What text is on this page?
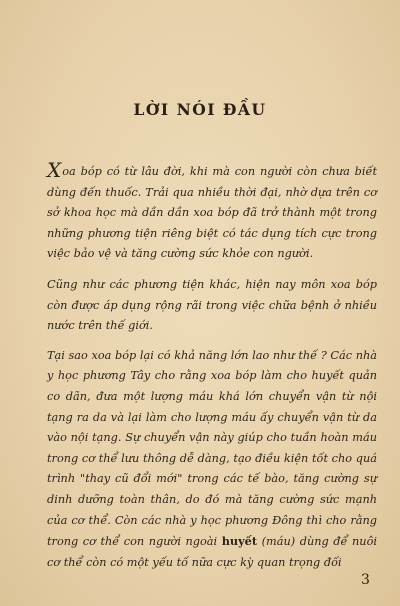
LỜI NÓI ĐẦU

Xoa bóp có từ lâu đời, khi mà con người còn chưa biết dùng đến thuốc. Trải qua nhiều thời đại, nhờ dựa trên cơ sở khoa học mà dần dần xoa bóp đã trở thành một trong những phương tiện riêng biệt có tác dụng tích cực trong việc bảo vệ và tăng cường sức khỏe con người.

Cũng như các phương tiện khác, hiện nay môn xoa bóp còn được áp dụng rộng rãi trong việc chữa bệnh ở nhiều nước trên thế giới.

Tại sao xoa bóp lại có khả năng lớn lao như thế ? Các nhà y học phương Tây cho rằng xoa bóp làm cho huyết quản co dãn, đưa một lượng máu khá lớn chuyển vận từ nội tạng ra da và lại làm cho lượng máu ấy chuyển vận từ da vào nội tạng. Sự chuyển vận này giúp cho tuần hoàn máu trong cơ thể lưu thông dễ dàng, tạo điều kiện tốt cho quá trình "thay cũ đổi mới" trong các tế bào, tăng cường sự dinh dưỡng toàn thân, do đó mà tăng cường sức mạnh của cơ thể. Còn các nhà y học phương Đông thì cho rằng trong cơ thể con người ngoài huyết (máu) dùng để nuôi cơ thể còn có một yếu tố nữa cực kỳ quan trọng đối

3
